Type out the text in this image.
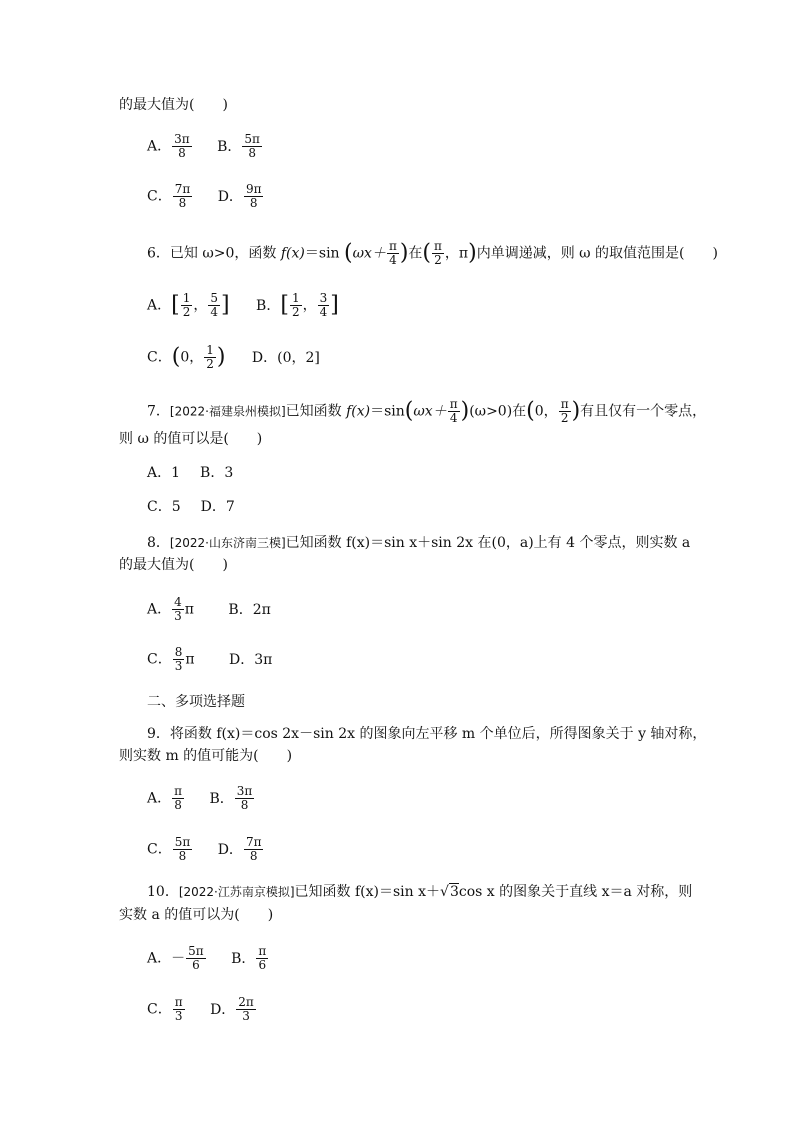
的最大值为(　　)
A． $\frac{3\pi}{8}$ B． $\frac{5\pi}{8}$
C． $\frac{7\pi}{8}$ D． $\frac{9\pi}{8}$
6．已知 ω>0，函数 f(x)＝sin ($\omega x+ \frac{\pi}{4}$ )在( $\frac{\pi}{2}$ ，π)内单调递减，则 ω 的取值范围是(　　)
A．[ $\frac{1}{2}$ ， $\frac{5}{4}$ ] B．[ $\frac{1}{2}$ ， $\frac{3}{4}$ ]
C．(0， $\frac{1}{2}$ ) D．(0，2]
7．[2022·福建泉州模拟]已知函数 $f(x)=\sin(\omega x+ \frac{\pi}{4} )(\omega>0)$在(0， $\frac{\pi}{2}$ )有且仅有一个零点，
则 ω 的值可以是(　　)
A．1 B．3
C．5 D．7
8．[2022·山东济南三模]已知函数 f(x)＝sin x＋sin 2x 在(0，a)上有 4 个零点，则实数 a
的最大值为(　　)
A． $\frac{4}{3}$ π B．2π
C． $\frac{8}{3}$ π D．3π
二、多项选择题
9．将函数 f(x)＝cos 2x－sin 2x 的图象向左平移 m 个单位后，所得图象关于 y 轴对称，
则实数 m 的值可能为(　　)
A． $\frac{\pi}{8}$ B． $\frac{3\pi}{8}$
C． $\frac{5\pi}{8}$ D． $\frac{7\pi}{8}$
10．[2022·江苏南京模拟]已知函数 f(x)＝sin x＋√3cos x 的图象关于直线 x＝a 对称，则
实数 a 的值可以为(　　)
A．－ $\frac{5\pi}{6}$ B． $\frac{\pi}{6}$
C． $\frac{\pi}{3}$ D． $\frac{2\pi}{3}$
